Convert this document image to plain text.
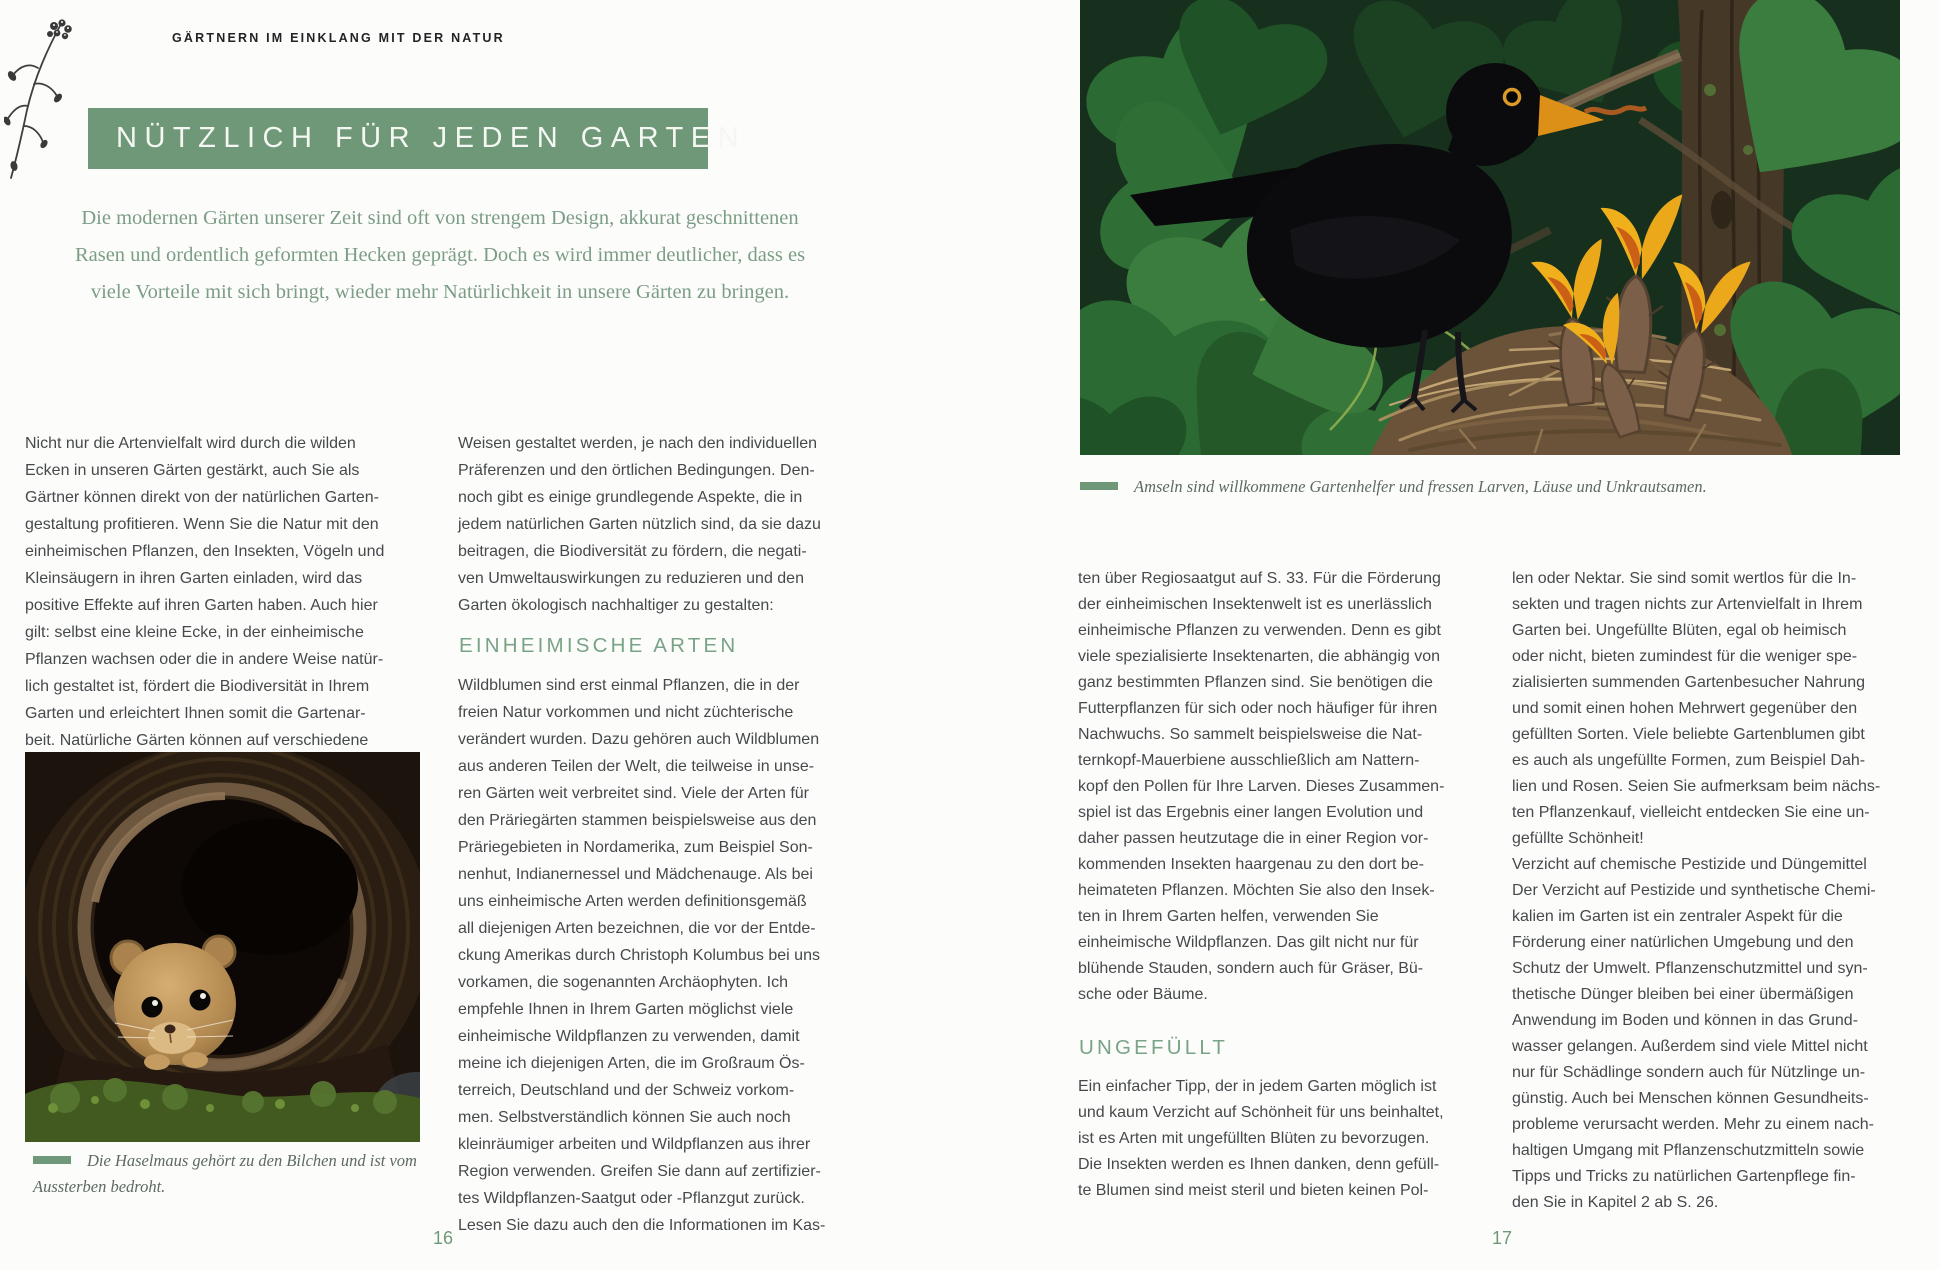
GÄRTNERN IM EINKLANG MIT DER NATUR
NÜTZLICH FÜR JEDEN GARTEN
Die modernen Gärten unserer Zeit sind oft von strengem Design, akkurat geschnittenen
Rasen und ordentlich geformten Hecken geprägt. Doch es wird immer deutlicher, dass es
viele Vorteile mit sich bringt, wieder mehr Natürlichkeit in unsere Gärten zu bringen.
Nicht nur die Artenvielfalt wird durch die wilden
Ecken in unseren Gärten gestärkt, auch Sie als
Gärtner können direkt von der natürlichen Garten-
gestaltung profitieren. Wenn Sie die Natur mit den
einheimischen Pflanzen, den Insekten, Vögeln und
Kleinsäugern in ihren Garten einladen, wird das
positive Effekte auf ihren Garten haben. Auch hier
gilt: selbst eine kleine Ecke, in der einheimische
Pflanzen wachsen oder die in andere Weise natür-
lich gestaltet ist, fördert die Biodiversität in Ihrem
Garten und erleichtert Ihnen somit die Gartenar-
beit. Natürliche Gärten können auf verschiedene
Weisen gestaltet werden, je nach den individuellen
Präferenzen und den örtlichen Bedingungen. Den-
noch gibt es einige grundlegende Aspekte, die in
jedem natürlichen Garten nützlich sind, da sie dazu
beitragen, die Biodiversität zu fördern, die negati-
ven Umweltauswirkungen zu reduzieren und den
Garten ökologisch nachhaltiger zu gestalten:
EINHEIMISCHE ARTEN
Wildblumen sind erst einmal Pflanzen, die in der
freien Natur vorkommen und nicht züchterische
verändert wurden. Dazu gehören auch Wildblumen
aus anderen Teilen der Welt, die teilweise in unse-
ren Gärten weit verbreitet sind. Viele der Arten für
den Präriegärten stammen beispielsweise aus den
Präriegebieten in Nordamerika, zum Beispiel Son-
nenhut, Indianernessel und Mädchenauge. Als bei
uns einheimische Arten werden definitionsgemäß
all diejenigen Arten bezeichnen, die vor der Entde-
ckung Amerikas durch Christoph Kolumbus bei uns
vorkamen, die sogenannten Archäophyten. Ich
empfehle Ihnen in Ihrem Garten möglichst viele
einheimische Wildpflanzen zu verwenden, damit
meine ich diejenigen Arten, die im Großraum Ös-
terreich, Deutschland und der Schweiz vorkom-
men. Selbstverständlich können Sie auch noch
kleinräumiger arbeiten und Wildpflanzen aus ihrer
Region verwenden. Greifen Sie dann auf zertifizier-
tes Wildpflanzen-Saatgut oder -Pflanzgut zurück.
Lesen Sie dazu auch den die Informationen im Kas-
Die Haselmaus gehört zu den Bilchen und ist vom
Aussterben bedroht.
16
Amseln sind willkommene Gartenhelfer und fressen Larven, Läuse und Unkrautsamen.
ten über Regiosaatgut auf S. 33. Für die Förderung
der einheimischen Insektenwelt ist es unerlässlich
einheimische Pflanzen zu verwenden. Denn es gibt
viele spezialisierte Insektenarten, die abhängig von
ganz bestimmten Pflanzen sind. Sie benötigen die
Futterpflanzen für sich oder noch häufiger für ihren
Nachwuchs. So sammelt beispielsweise die Nat-
ternkopf-Mauerbiene ausschließlich am Nattern-
kopf den Pollen für Ihre Larven. Dieses Zusammen-
spiel ist das Ergebnis einer langen Evolution und
daher passen heutzutage die in einer Region vor-
kommenden Insekten haargenau zu den dort be-
heimateten Pflanzen. Möchten Sie also den Insek-
ten in Ihrem Garten helfen, verwenden Sie
einheimische Wildpflanzen. Das gilt nicht nur für
blühende Stauden, sondern auch für Gräser, Bü-
sche oder Bäume.
UNGEFÜLLT
Ein einfacher Tipp, der in jedem Garten möglich ist
und kaum Verzicht auf Schönheit für uns beinhaltet,
ist es Arten mit ungefüllten Blüten zu bevorzugen.
Die Insekten werden es Ihnen danken, denn gefüll-
te Blumen sind meist steril und bieten keinen Pol-
len oder Nektar. Sie sind somit wertlos für die In-
sekten und tragen nichts zur Artenvielfalt in Ihrem
Garten bei. Ungefüllte Blüten, egal ob heimisch
oder nicht, bieten zumindest für die weniger spe-
zialisierten summenden Gartenbesucher Nahrung
und somit einen hohen Mehrwert gegenüber den
gefüllten Sorten. Viele beliebte Gartenblumen gibt
es auch als ungefüllte Formen, zum Beispiel Dah-
lien und Rosen. Seien Sie aufmerksam beim nächs-
ten Pflanzenkauf, vielleicht entdecken Sie eine un-
gefüllte Schönheit!
Verzicht auf chemische Pestizide und Düngemittel
Der Verzicht auf Pestizide und synthetische Chemi-
kalien im Garten ist ein zentraler Aspekt für die
Förderung einer natürlichen Umgebung und den
Schutz der Umwelt. Pflanzenschutzmittel und syn-
thetische Dünger bleiben bei einer übermäßigen
Anwendung im Boden und können in das Grund-
wasser gelangen. Außerdem sind viele Mittel nicht
nur für Schädlinge sondern auch für Nützlinge un-
günstig. Auch bei Menschen können Gesundheits-
probleme verursacht werden. Mehr zu einem nach-
haltigen Umgang mit Pflanzenschutzmitteln sowie
Tipps und Tricks zu natürlichen Gartenpflege fin-
den Sie in Kapitel 2 ab S. 26.
17
